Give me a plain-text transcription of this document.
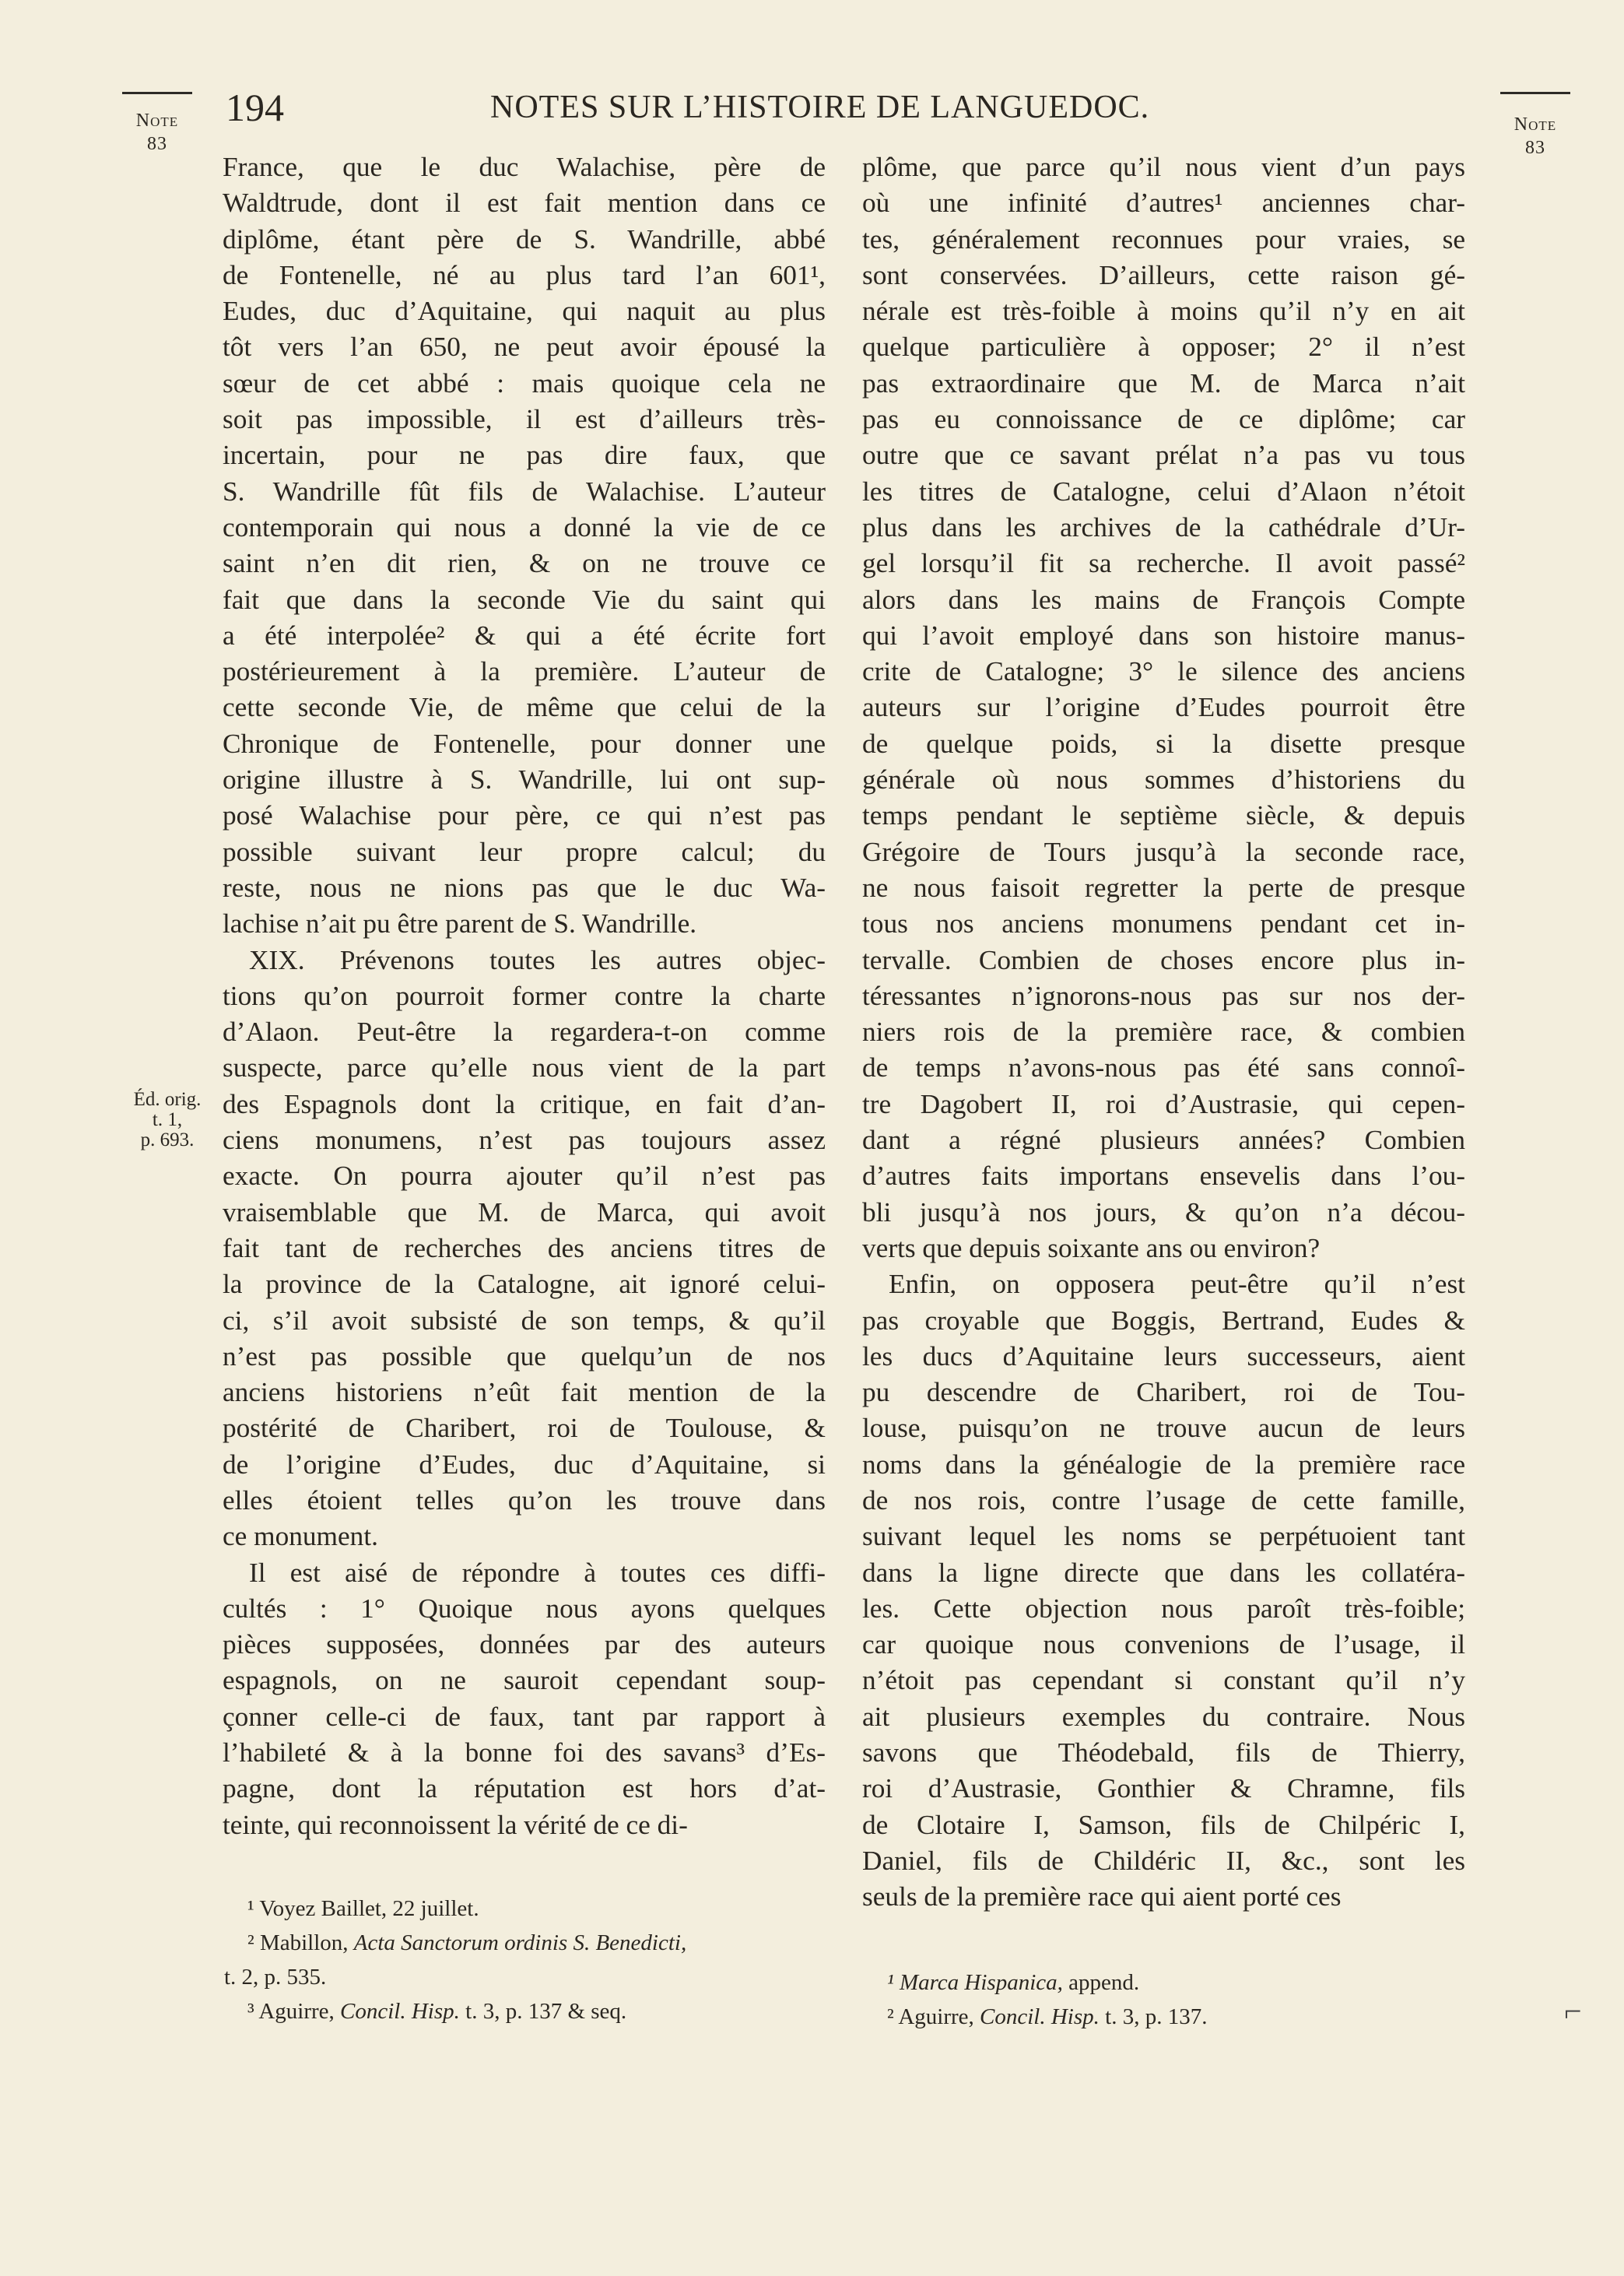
Note
83
Note
83
194	NOTES SUR L’HISTOIRE DE LANGUEDOC.
Éd. orig.
t. 1,
p. 693.
France, que le duc Walachise, père de
Waldtrude, dont il est fait mention dans ce
diplôme, étant père de S. Wandrille, abbé
de Fontenelle, né au plus tard l’an 601¹,
Eudes, duc d’Aquitaine, qui naquit au plus
tôt vers l’an 650, ne peut avoir épousé la
sœur de cet abbé : mais quoique cela ne
soit pas impossible, il est d’ailleurs très-
incertain, pour ne pas dire faux, que
S. Wandrille fût fils de Walachise. L’auteur
contemporain qui nous a donné la vie de ce
saint n’en dit rien, & on ne trouve ce
fait que dans la seconde Vie du saint qui
a été interpolée² & qui a été écrite fort
postérieurement à la première. L’auteur de
cette seconde Vie, de même que celui de la
Chronique de Fontenelle, pour donner une
origine illustre à S. Wandrille, lui ont sup-
posé Walachise pour père, ce qui n’est pas
possible suivant leur propre calcul; du
reste, nous ne nions pas que le duc Wa-
lachise n’ait pu être parent de S. Wandrille.
XIX. Prévenons toutes les autres objec-
tions qu’on pourroit former contre la charte
d’Alaon. Peut-être la regardera-t-on comme
suspecte, parce qu’elle nous vient de la part
des Espagnols dont la critique, en fait d’an-
ciens monumens, n’est pas toujours assez
exacte. On pourra ajouter qu’il n’est pas
vraisemblable que M. de Marca, qui avoit
fait tant de recherches des anciens titres de
la province de la Catalogne, ait ignoré celui-
ci, s’il avoit subsisté de son temps, & qu’il
n’est pas possible que quelqu’un de nos
anciens historiens n’eût fait mention de la
postérité de Charibert, roi de Toulouse, &
de l’origine d’Eudes, duc d’Aquitaine, si
elles étoient telles qu’on les trouve dans
ce monument.
Il est aisé de répondre à toutes ces diffi-
cultés : 1° Quoique nous ayons quelques
pièces supposées, données par des auteurs
espagnols, on ne sauroit cependant soup-
çonner celle-ci de faux, tant par rapport à
l’habileté & à la bonne foi des savans³ d’Es-
pagne, dont la réputation est hors d’at-
teinte, qui reconnoissent la vérité de ce di-
plôme, que parce qu’il nous vient d’un pays
où une infinité d’autres¹ anciennes char-
tes, généralement reconnues pour vraies, se
sont conservées. D’ailleurs, cette raison gé-
nérale est très-foible à moins qu’il n’y en ait
quelque particulière à opposer; 2° il n’est
pas extraordinaire que M. de Marca n’ait
pas eu connoissance de ce diplôme; car
outre que ce savant prélat n’a pas vu tous
les titres de Catalogne, celui d’Alaon n’étoit
plus dans les archives de la cathédrale d’Ur-
gel lorsqu’il fit sa recherche. Il avoit passé²
alors dans les mains de François Compte
qui l’avoit employé dans son histoire manus-
crite de Catalogne; 3° le silence des anciens
auteurs sur l’origine d’Eudes pourroit être
de quelque poids, si la disette presque
générale où nous sommes d’historiens du
temps pendant le septième siècle, & depuis
Grégoire de Tours jusqu’à la seconde race,
ne nous faisoit regretter la perte de presque
tous nos anciens monumens pendant cet in-
tervalle. Combien de choses encore plus in-
téressantes n’ignorons-nous pas sur nos der-
niers rois de la première race, & combien
de temps n’avons-nous pas été sans connoî-
tre Dagobert II, roi d’Austrasie, qui cepen-
dant a régné plusieurs années? Combien
d’autres faits importans ensevelis dans l’ou-
bli jusqu’à nos jours, & qu’on n’a décou-
verts que depuis soixante ans ou environ?
Enfin, on opposera peut-être qu’il n’est
pas croyable que Boggis, Bertrand, Eudes &
les ducs d’Aquitaine leurs successeurs, aient
pu descendre de Charibert, roi de Tou-
louse, puisqu’on ne trouve aucun de leurs
noms dans la généalogie de la première race
de nos rois, contre l’usage de cette famille,
suivant lequel les noms se perpétuoient tant
dans la ligne directe que dans les collatéra-
les. Cette objection nous paroît très-foible;
car quoique nous convenions de l’usage, il
n’étoit pas cependant si constant qu’il n’y
ait plusieurs exemples du contraire. Nous
savons que Théodebald, fils de Thierry,
roi d’Austrasie, Gonthier & Chramne, fils
de Clotaire I, Samson, fils de Chilpéric I,
Daniel, fils de Childéric II, &c., sont les
seuls de la première race qui aient porté ces
¹ Voyez Baillet, 22 juillet.
² Mabillon, Acta Sanctorum ordinis S. Benedicti,
t. 2, p. 535.
³ Aguirre, Concil. Hisp. t. 3, p. 137 & seq.
¹ Marca Hispanica, append.
² Aguirre, Concil. Hisp. t. 3, p. 137.	⌐
